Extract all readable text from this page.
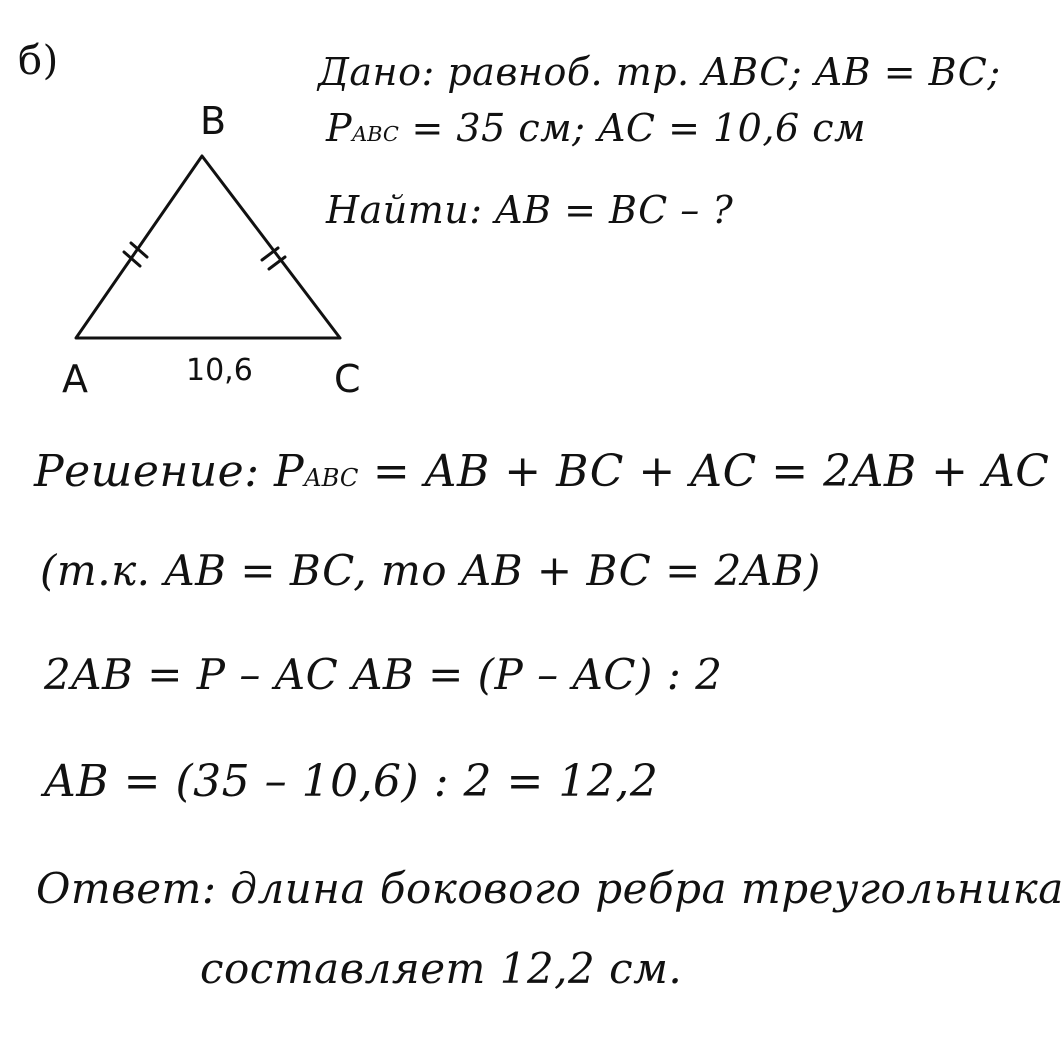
б)	Дано: равноб. тр. ABC; AB = BC;
PABC = 35 см; AC = 10,6 см
Найти: AB = BC – ?
B
A	C
10,6
Решение: PABC = AB + BC + AC = 2AB + AC
(т.к. AB = BC, то AB + BC = 2AB)
2AB = P – AC AB = (P – AC) : 2
AB = (35 – 10,6) : 2 = 12,2
Ответ: длина бокового ребра треугольника
составляет 12,2 см.
